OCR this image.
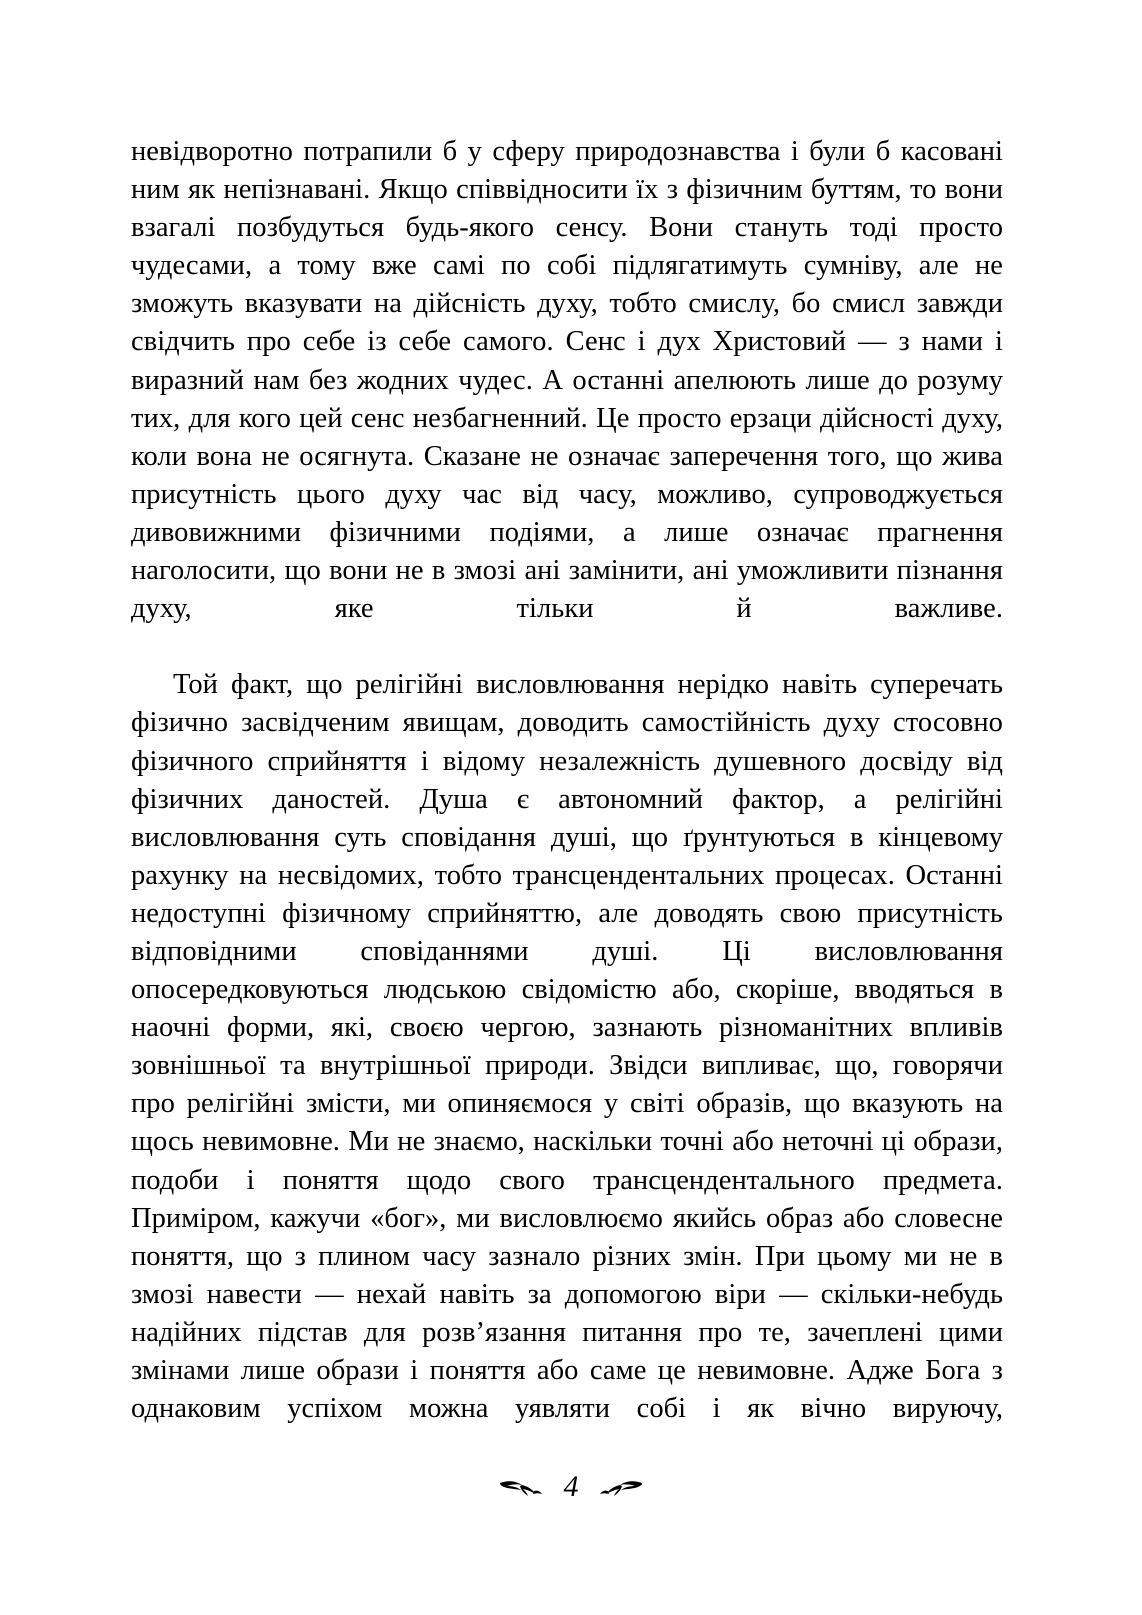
невідворотно потрапили б у сферу природознавства і були б касовані ним як непізнавані. Якщо співвідносити їх з фізичним буттям, то вони взагалі позбудуться будь-якого сенсу. Вони стануть тоді просто чудесами, а тому вже самі по собі підлягатимуть сумніву, але не зможуть вказувати на дійсність духу, тобто смислу, бо смисл завжди свідчить про себе із себе самого. Сенс і дух Христовий — з нами і виразний нам без жодних чудес. А останні апелюють лише до розуму тих, для кого цей сенс незбагненний. Це просто ерзаци дійсності духу, коли вона не осягнута. Сказане не означає заперечення того, що жива присутність цього духу час від часу, можливо, супроводжується дивовижними фізичними подіями, а лише означає прагнення наголосити, що вони не в змозі ані замінити, ані уможливити пізнання духу, яке тільки й важливе.

Той факт, що релігійні висловлювання нерідко навіть суперечать фізично засвідченим явищам, доводить самостійність духу стосовно фізичного сприйняття і відому незалежність душевного досвіду від фізичних даностей. Душа є автономний фактор, а релігійні висловлювання суть сповідання душі, що ґрунтуються в кінцевому рахунку на несвідомих, тобто трансцендентальних процесах. Останні недоступні фізичному сприйняттю, але доводять свою присутність відповідними сповіданнями душі. Ці висловлювання опосередковуються людською свідомістю або, скоріше, вводяться в наочні форми, які, своєю чергою, зазнають різноманітних впливів зовнішньої та внутрішньої природи. Звідси випливає, що, говорячи про релігійні змісти, ми опиняємося у світі образів, що вказують на щось невимовне. Ми не знаємо, наскільки точні або неточні ці образи, подоби і поняття щодо свого трансцендентального предмета. Приміром, кажучи «бог», ми висловлюємо якийсь образ або словесне поняття, що з плином часу зазнало різних змін. При цьому ми не в змозі навести — нехай навіть за допомогою віри — скільки-небудь надійних підстав для розв’язання питання про те, зачеплені цими змінами лише образи і поняття або саме це невимовне. Адже Бога з однаковим успіхом можна уявляти собі і як вічно вируючу,

4
